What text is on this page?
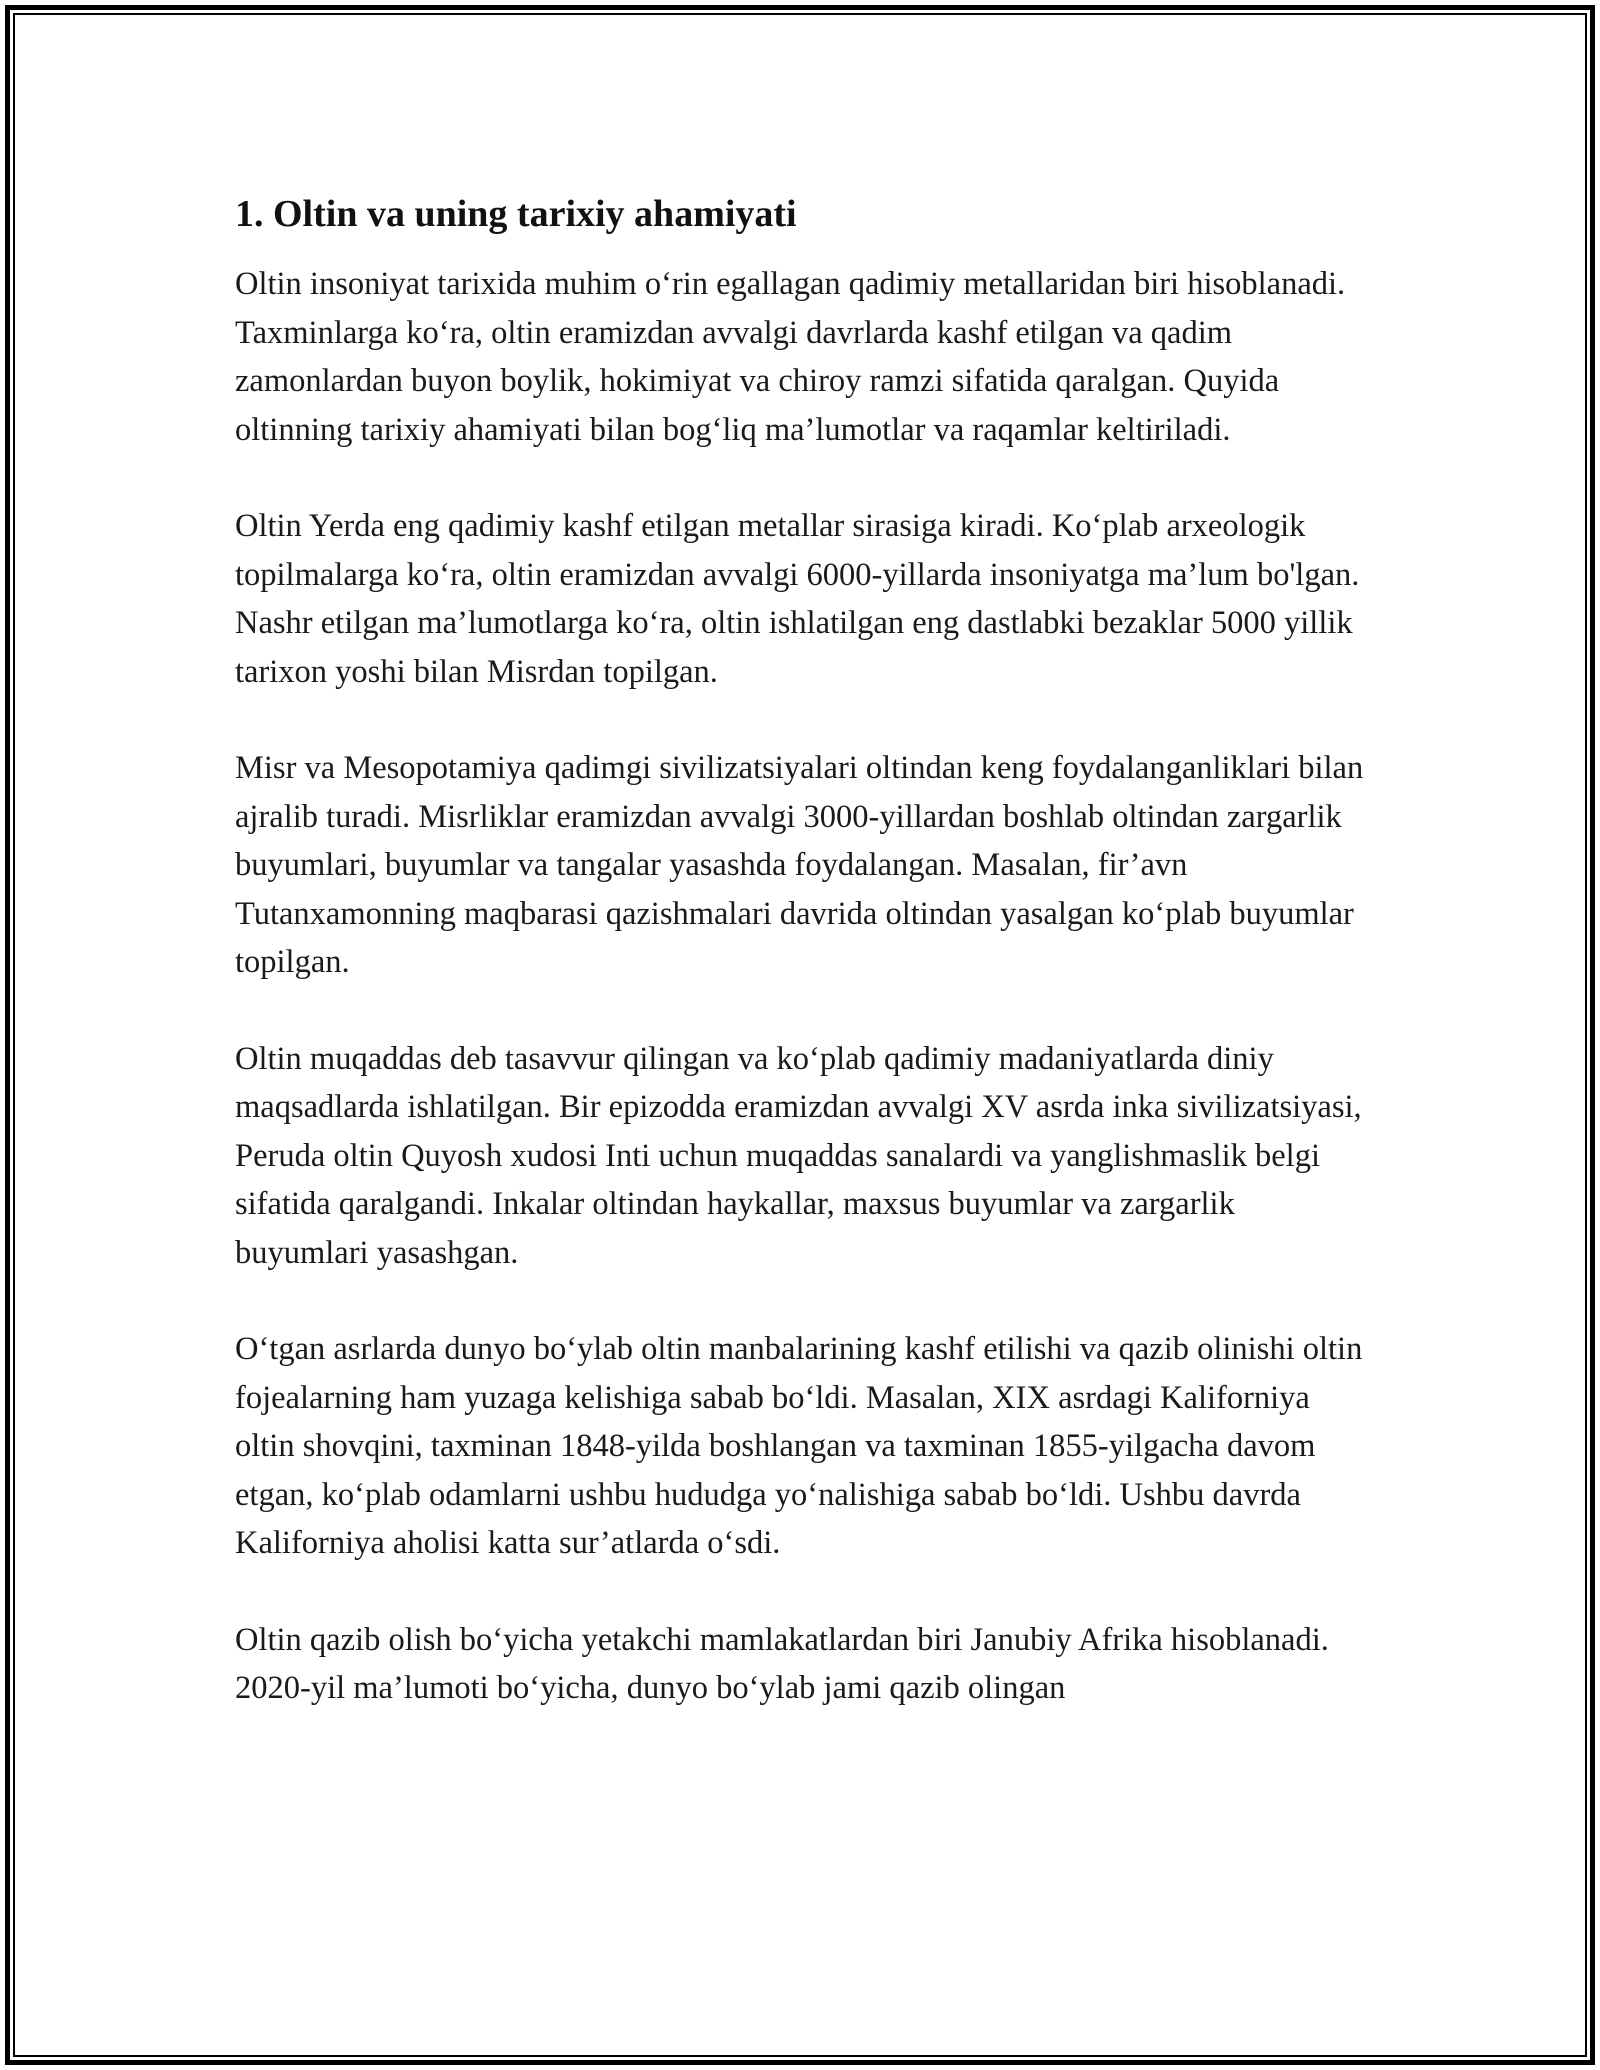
1. Oltin va uning tarixiy ahamiyati

Oltin insoniyat tarixida muhim o‘rin egallagan qadimiy metallaridan biri hisoblanadi. Taxminlarga ko‘ra, oltin eramizdan avvalgi davrlarda kashf etilgan va qadim zamonlardan buyon boylik, hokimiyat va chiroy ramzi sifatida qaralgan. Quyida oltinning tarixiy ahamiyati bilan bog‘liq ma’lumotlar va raqamlar keltiriladi.

Oltin Yerda eng qadimiy kashf etilgan metallar sirasiga kiradi. Ko‘plab arxeologik topilmalarga ko‘ra, oltin eramizdan avvalgi 6000-yillarda insoniyatga ma’lum bo'lgan. Nashr etilgan ma’lumotlarga ko‘ra, oltin ishlatilgan eng dastlabki bezaklar 5000 yillik tarixon yoshi bilan Misrdan topilgan.

Misr va Mesopotamiya qadimgi sivilizatsiyalari oltindan keng foydalanganliklari bilan ajralib turadi. Misrliklar eramizdan avvalgi 3000-yillardan boshlab oltindan zargarlik buyumlari, buyumlar va tangalar yasashda foydalangan. Masalan, fir’avn Tutanxamonning maqbarasi qazishmalari davrida oltindan yasalgan ko‘plab buyumlar topilgan.

Oltin muqaddas deb tasavvur qilingan va ko‘plab qadimiy madaniyatlarda diniy maqsadlarda ishlatilgan. Bir epizodda eramizdan avvalgi XV asrda inka sivilizatsiyasi, Peruda oltin Quyosh xudosi Inti uchun muqaddas sanalardi va yanglishmaslik belgi sifatida qaralgandi. Inkalar oltindan haykallar, maxsus buyumlar va zargarlik buyumlari yasashgan.

O‘tgan asrlarda dunyo bo‘ylab oltin manbalarining kashf etilishi va qazib olinishi oltin fojealarning ham yuzaga kelishiga sabab bo‘ldi. Masalan, XIX asrdagi Kaliforniya oltin shovqini, taxminan 1848-yilda boshlangan va taxminan 1855-yilgacha davom etgan, ko‘plab odamlarni ushbu hududga yo‘nalishiga sabab bo‘ldi. Ushbu davrda Kaliforniya aholisi katta sur’atlarda o‘sdi.

Oltin qazib olish bo‘yicha yetakchi mamlakatlardan biri Janubiy Afrika hisoblanadi. 2020-yil ma’lumoti bo‘yicha, dunyo bo‘ylab jami qazib olingan
